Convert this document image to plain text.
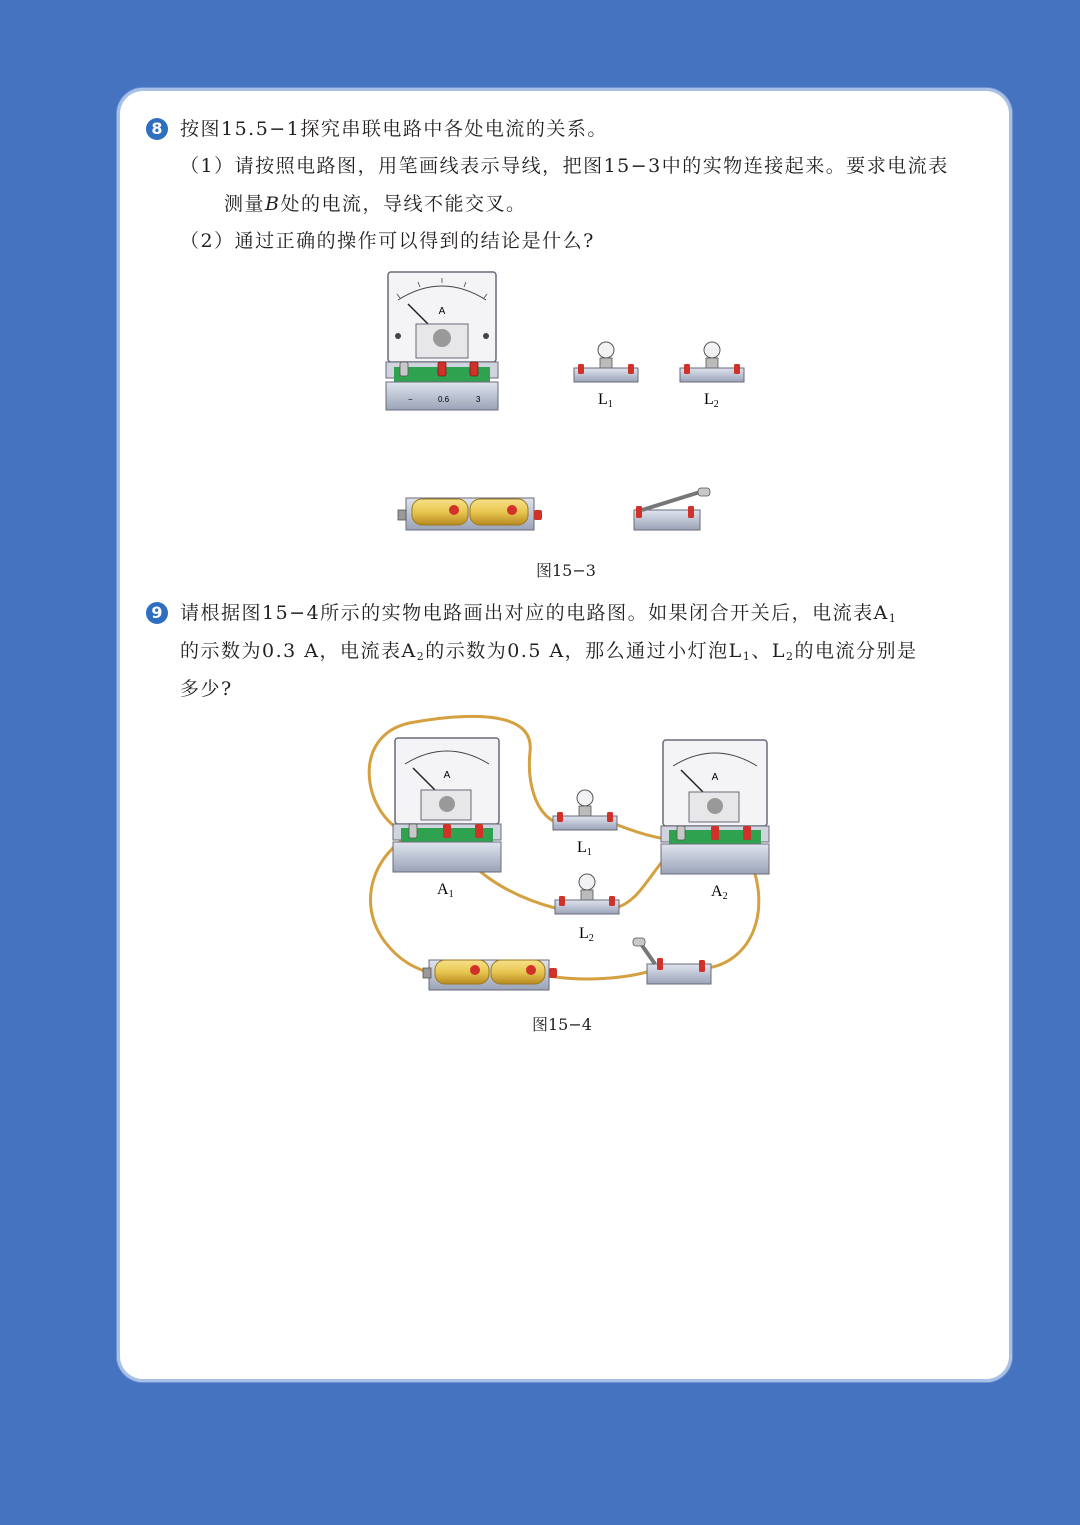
8 按图15.5−1探究串联电路中各处电流的关系。
（1）请按照电路图，用笔画线表示导线，把图15−3中的实物连接起来。要求电流表
测量B处的电流，导线不能交叉。
（2）通过正确的操作可以得到的结论是什么?
A
−	0.6	3	L1	L2
图15−3
9 请根据图15−4所示的实物电路画出对应的电路图。如果闭合开关后，电流表$A_1$
的示数为0.3 A，电流表$A_2$的示数为0.5 A，那么通过小灯泡$L_1$、$L_2$的电流分别是
多少?
A
A1
A
A2
L1
L2
图15−4
